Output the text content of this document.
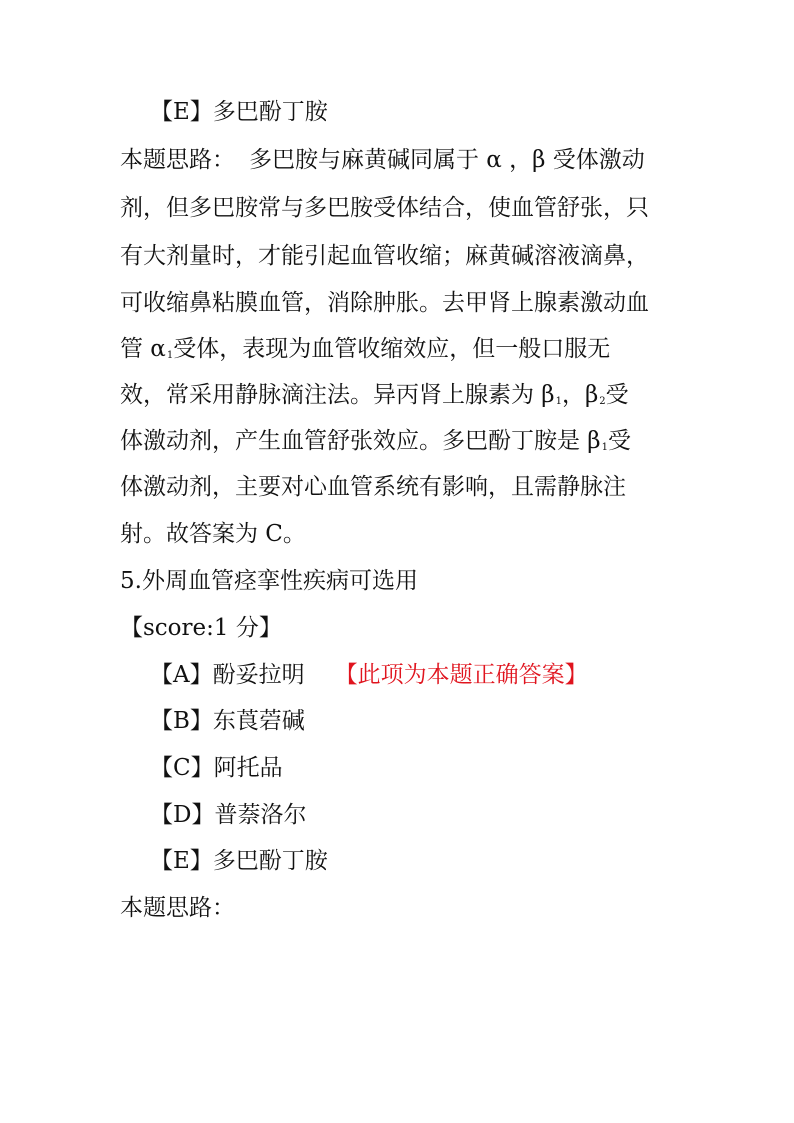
【E】多巴酚丁胺
本题思路： 多巴胺与麻黄碱同属于 α ，β 受体激动
剂，但多巴胺常与多巴胺受体结合，使血管舒张，只
有大剂量时，才能引起血管收缩；麻黄碱溶液滴鼻，
可收缩鼻粘膜血管，消除肿胀。去甲肾上腺素激动血
管 $\alpha_1$受体，表现为血管收缩效应，但一般口服无
效，常采用静脉滴注法。异丙肾上腺素为 $\beta_1$，$\beta_2$受
体激动剂，产生血管舒张效应。多巴酚丁胺是 $\beta_1$受
体激动剂，主要对心血管系统有影响，且需静脉注
射。故答案为 C。
5.外周血管痉挛性疾病可选用
【score:1 分】
【A】酚妥拉明 【此项为本题正确答案】
【B】东莨菪碱
【C】阿托品
【D】普萘洛尔
【E】多巴酚丁胺
本题思路：
